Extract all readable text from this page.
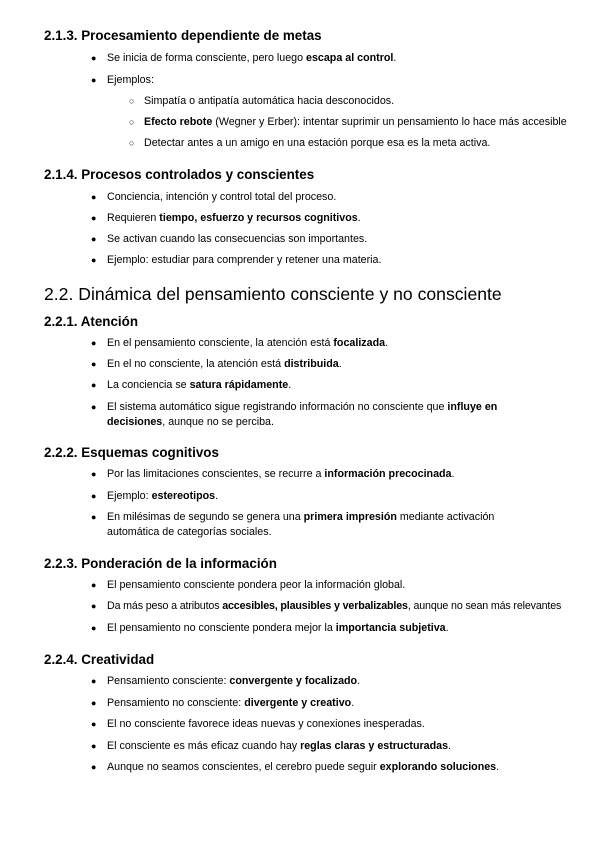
2.1.3. Procesamiento dependiente de metas

● Se inicia de forma consciente, pero luego escapa al control.

● Ejemplos:

○ Simpatía o antipatía automática hacia desconocidos.

○ Efecto rebote (Wegner y Erber): intentar suprimir un pensamiento lo hace más accesible

○ Detectar antes a un amigo en una estación porque esa es la meta activa.

2.1.4. Procesos controlados y conscientes

● Conciencia, intención y control total del proceso.

● Requieren tiempo, esfuerzo y recursos cognitivos.

● Se activan cuando las consecuencias son importantes.

● Ejemplo: estudiar para comprender y retener una materia.

2.2. Dinámica del pensamiento consciente y no consciente
2.2.1. Atención

● En el pensamiento consciente, la atención está focalizada.

● En el no consciente, la atención está distribuida.

● La conciencia se satura rápidamente.

● El sistema automático sigue registrando información no consciente que influye en decisiones, aunque no se perciba.

2.2.2. Esquemas cognitivos

● Por las limitaciones conscientes, se recurre a información precocinada.

● Ejemplo: estereotipos.

● En milésimas de segundo se genera una primera impresión mediante activación automática de categorías sociales.

2.2.3. Ponderación de la información

● El pensamiento consciente pondera peor la información global.

● Da más peso a atributos accesibles, plausibles y verbalizables, aunque no sean más relevantes

● El pensamiento no consciente pondera mejor la importancia subjetiva.

2.2.4. Creatividad

● Pensamiento consciente: convergente y focalizado.

● Pensamiento no consciente: divergente y creativo.

● El no consciente favorece ideas nuevas y conexiones inesperadas.

● El consciente es más eficaz cuando hay reglas claras y estructuradas.

● Aunque no seamos conscientes, el cerebro puede seguir explorando soluciones.
